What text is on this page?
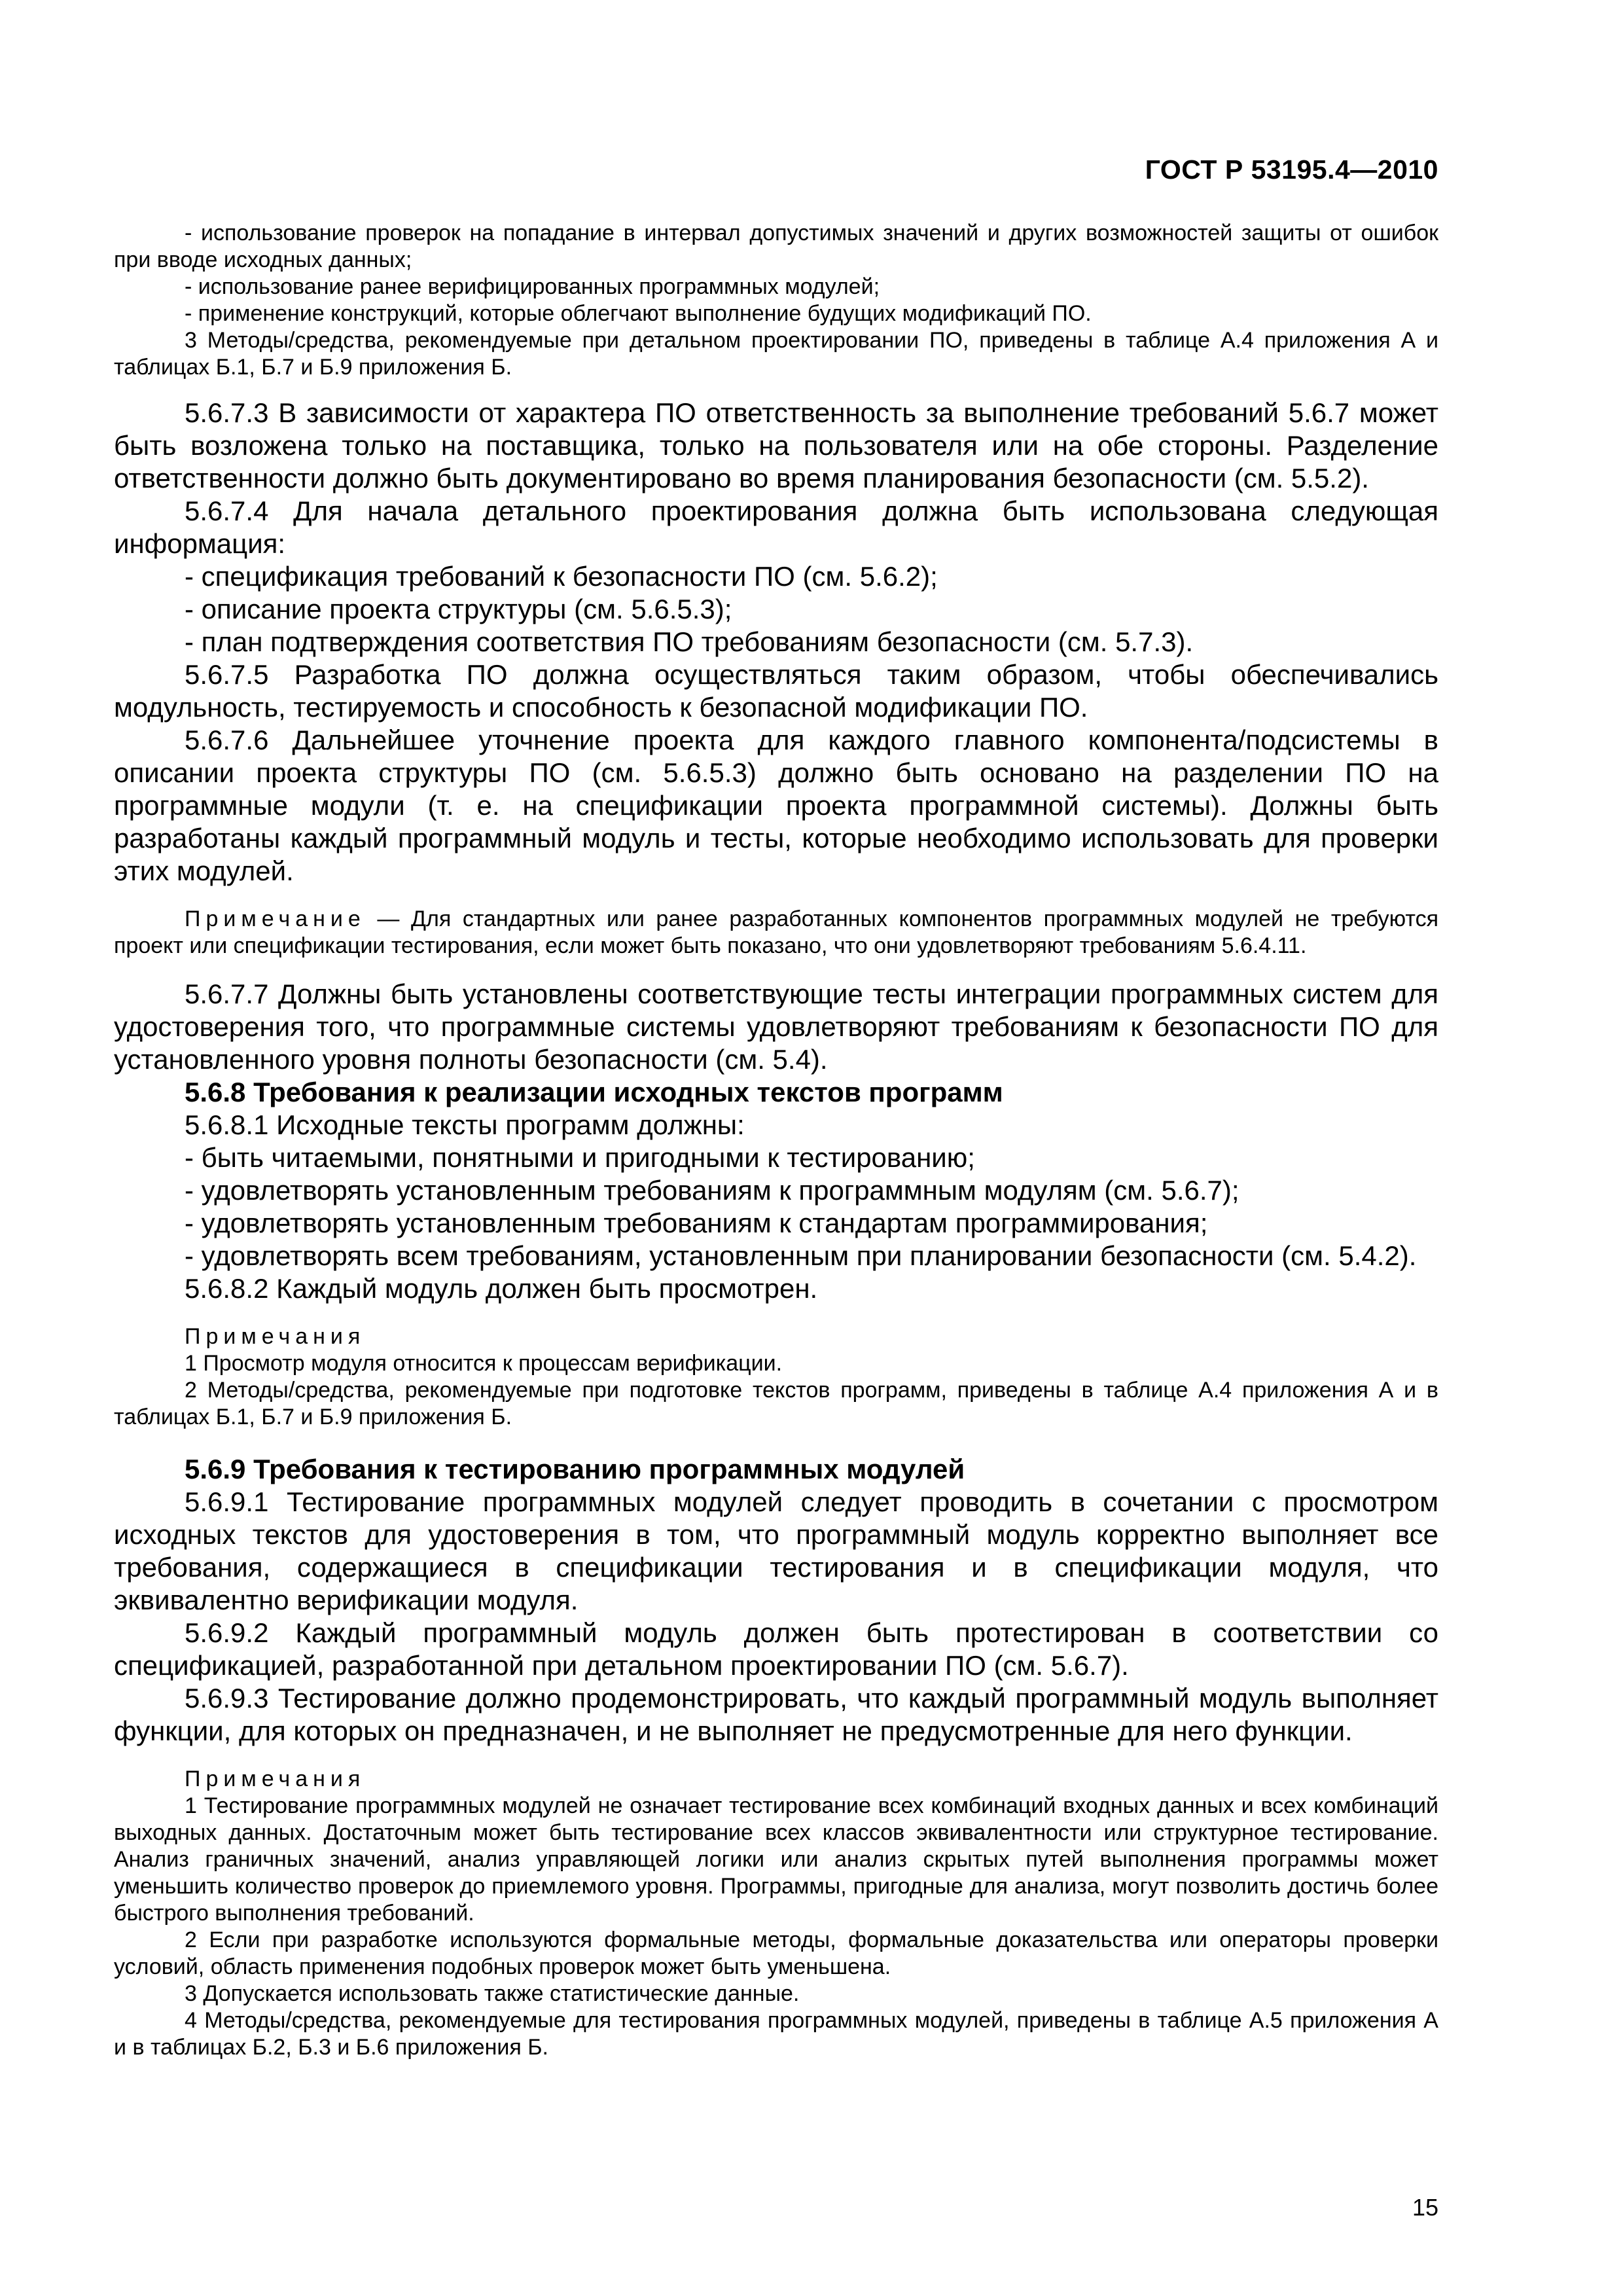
ГОСТ Р 53195.4—2010

- использование проверок на попадание в интервал допустимых значений и других возможностей защиты от ошибок при вводе исходных данных;

- использование ранее верифицированных программных модулей;

- применение конструкций, которые облегчают выполнение будущих модификаций ПО.

3 Методы/средства, рекомендуемые при детальном проектировании ПО, приведены в таблице А.4 приложения А и таблицах Б.1, Б.7 и Б.9 приложения Б.

5.6.7.3 В зависимости от характера ПО ответственность за выполнение требований 5.6.7 может быть возложена только на поставщика, только на пользователя или на обе стороны. Разделение ответственности должно быть документировано во время планирования безопасности (см. 5.5.2).

5.6.7.4 Для начала детального проектирования должна быть использована следующая информация:

- спецификация требований к безопасности ПО (см. 5.6.2);

- описание проекта структуры (см. 5.6.5.3);

- план подтверждения соответствия ПО требованиям безопасности (см. 5.7.3).

5.6.7.5 Разработка ПО должна осуществляться таким образом, чтобы обеспечивались модульность, тестируемость и способность к безопасной модификации ПО.

5.6.7.6 Дальнейшее уточнение проекта для каждого главного компонента/подсистемы в описании проекта структуры ПО (см. 5.6.5.3) должно быть основано на разделении ПО на программные модули (т. е. на спецификации проекта программной системы). Должны быть разработаны каждый программный модуль и тесты, которые необходимо использовать для проверки этих модулей.

Примечание — Для стандартных или ранее разработанных компонентов программных модулей не требуются проект или спецификации тестирования, если может быть показано, что они удовлетворяют требованиям 5.6.4.11.

5.6.7.7 Должны быть установлены соответствующие тесты интеграции программных систем для удостоверения того, что программные системы удовлетворяют требованиям к безопасности ПО для установленного уровня полноты безопасности (см. 5.4).

5.6.8 Требования к реализации исходных текстов программ

5.6.8.1 Исходные тексты программ должны:

- быть читаемыми, понятными и пригодными к тестированию;

- удовлетворять установленным требованиям к программным модулям (см. 5.6.7);

- удовлетворять установленным требованиям к стандартам программирования;

- удовлетворять всем требованиям, установленным при планировании безопасности (см. 5.4.2).

5.6.8.2 Каждый модуль должен быть просмотрен.

Примечания

1 Просмотр модуля относится к процессам верификации.

2 Методы/средства, рекомендуемые при подготовке текстов программ, приведены в таблице А.4 приложения А и в таблицах Б.1, Б.7 и Б.9 приложения Б.

5.6.9 Требования к тестированию программных модулей

5.6.9.1 Тестирование программных модулей следует проводить в сочетании с просмотром исходных текстов для удостоверения в том, что программный модуль корректно выполняет все требования, содержащиеся в спецификации тестирования и в спецификации модуля, что эквивалентно верификации модуля.

5.6.9.2 Каждый программный модуль должен быть протестирован в соответствии со спецификацией, разработанной при детальном проектировании ПО (см. 5.6.7).

5.6.9.3 Тестирование должно продемонстрировать, что каждый программный модуль выполняет функции, для которых он предназначен, и не выполняет не предусмотренные для него функции.

Примечания

1 Тестирование программных модулей не означает тестирование всех комбинаций входных данных и всех комбинаций выходных данных. Достаточным может быть тестирование всех классов эквивалентности или структурное тестирование. Анализ граничных значений, анализ управляющей логики или анализ скрытых путей выполнения программы может уменьшить количество проверок до приемлемого уровня. Программы, пригодные для анализа, могут позволить достичь более быстрого выполнения требований.

2 Если при разработке используются формальные методы, формальные доказательства или операторы проверки условий, область применения подобных проверок может быть уменьшена.

3 Допускается использовать также статистические данные.

4 Методы/средства, рекомендуемые для тестирования программных модулей, приведены в таблице А.5 приложения А и в таблицах Б.2, Б.3 и Б.6 приложения Б.

15
